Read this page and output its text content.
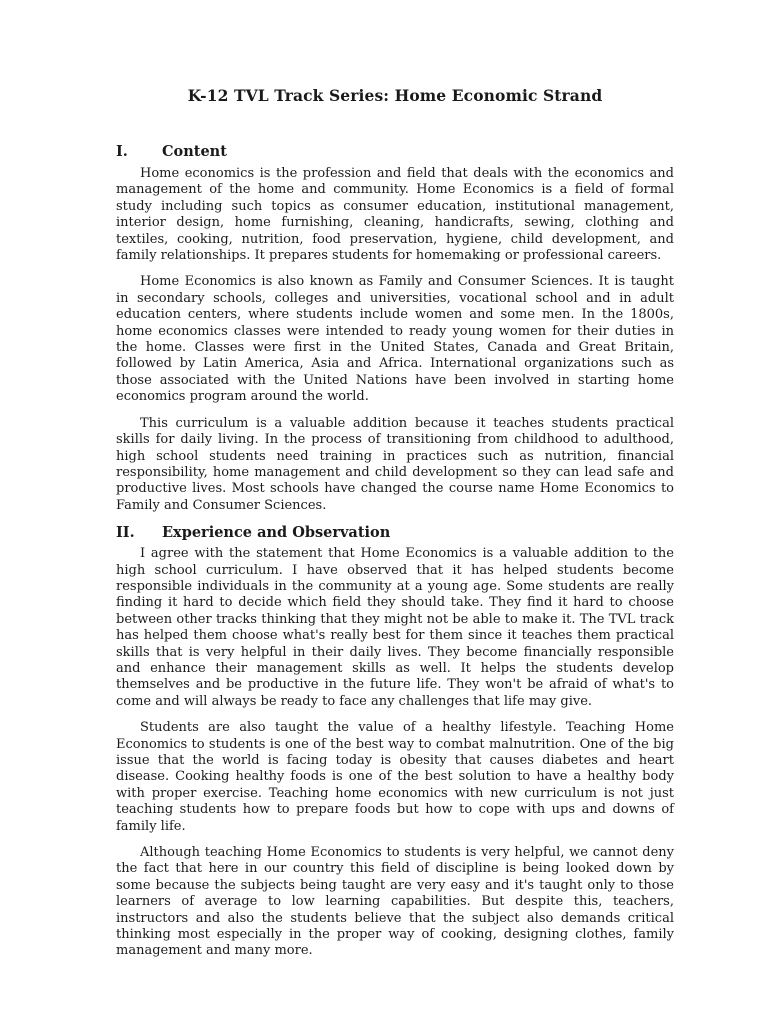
K-12 TVL Track Series: Home Economic Strand
I.	Content

Home economics is the profession and field that deals with the economics and management of the home and community. Home Economics is a field of formal study including such topics as consumer education, institutional management, interior design, home furnishing, cleaning, handicrafts, sewing, clothing and textiles, cooking, nutrition, food preservation, hygiene, child development, and family relationships. It prepares students for homemaking or professional careers.

Home Economics is also known as Family and Consumer Sciences. It is taught in secondary schools, colleges and universities, vocational school and in adult education centers, where students include women and some men. In the 1800s, home economics classes were intended to ready young women for their duties in the home. Classes were first in the United States, Canada and Great Britain, followed by Latin America, Asia and Africa. International organizations such as those associated with the United Nations have been involved in starting home economics program around the world.

This curriculum is a valuable addition because it teaches students practical skills for daily living. In the process of transitioning from childhood to adulthood, high school students need training in practices such as nutrition, financial responsibility, home management and child development so they can lead safe and productive lives. Most schools have changed the course name Home Economics to Family and Consumer Sciences.

II.	Experience and Observation

I agree with the statement that Home Economics is a valuable addition to the high school curriculum. I have observed that it has helped students become responsible individuals in the community at a young age. Some students are really finding it hard to decide which field they should take. They find it hard to choose between other tracks thinking that they might not be able to make it. The TVL track has helped them choose what's really best for them since it teaches them practical skills that is very helpful in their daily lives. They become financially responsible and enhance their management skills as well. It helps the students develop themselves and be productive in the future life. They won't be afraid of what's to come and will always be ready to face any challenges that life may give.

Students are also taught the value of a healthy lifestyle. Teaching Home Economics to students is one of the best way to combat malnutrition. One of the big issue that the world is facing today is obesity that causes diabetes and heart disease. Cooking healthy foods is one of the best solution to have a healthy body with proper exercise. Teaching home economics with new curriculum is not just teaching students how to prepare foods but how to cope with ups and downs of family life.

Although teaching Home Economics to students is very helpful, we cannot deny the fact that here in our country this field of discipline is being looked down by some because the subjects being taught are very easy and it's taught only to those learners of average to low learning capabilities. But despite this, teachers, instructors and also the students believe that the subject also demands critical thinking most especially in the proper way of cooking, designing clothes, family management and many more.
